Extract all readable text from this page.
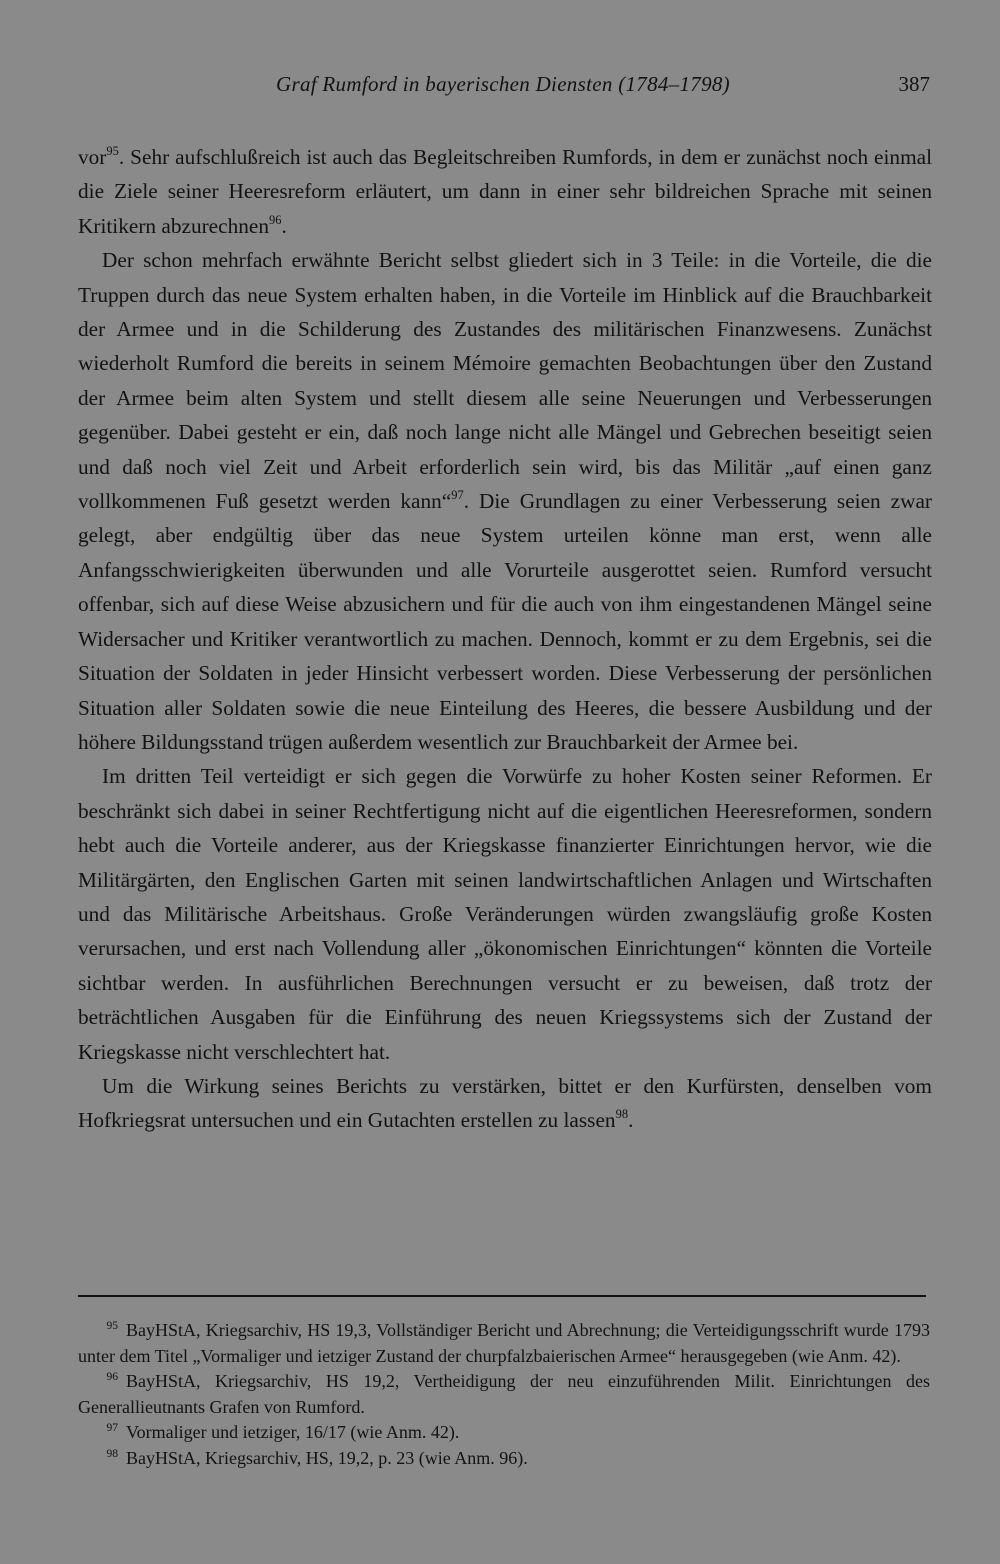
Graf Rumford in bayerischen Diensten (1784–1798)	387

vor$^{95}$. Sehr aufschlußreich ist auch das Begleitschreiben Rumfords, in dem er zunächst noch einmal die Ziele seiner Heeresreform erläutert, um dann in einer sehr bildreichen Sprache mit seinen Kritikern abzurechnen$^{96}$.

Der schon mehrfach erwähnte Bericht selbst gliedert sich in 3 Teile: in die Vorteile, die die Truppen durch das neue System erhalten haben, in die Vorteile im Hinblick auf die Brauchbarkeit der Armee und in die Schilderung des Zustandes des militärischen Finanzwesens. Zunächst wiederholt Rumford die bereits in seinem Mémoire gemachten Beobachtungen über den Zustand der Armee beim alten System und stellt diesem alle seine Neuerungen und Verbesserungen gegenüber. Dabei gesteht er ein, daß noch lange nicht alle Mängel und Gebrechen beseitigt seien und daß noch viel Zeit und Arbeit erforderlich sein wird, bis das Militär „auf einen ganz vollkommenen Fuß gesetzt werden kann“$^{97}$. Die Grundlagen zu einer Verbesserung seien zwar gelegt, aber endgültig über das neue System urteilen könne man erst, wenn alle Anfangsschwierigkeiten überwunden und alle Vorurteile ausgerottet seien. Rumford versucht offenbar, sich auf diese Weise abzusichern und für die auch von ihm eingestandenen Mängel seine Widersacher und Kritiker verantwortlich zu machen. Dennoch, kommt er zu dem Ergebnis, sei die Situation der Soldaten in jeder Hinsicht verbessert worden. Diese Verbesserung der persönlichen Situation aller Soldaten sowie die neue Einteilung des Heeres, die bessere Ausbildung und der höhere Bildungsstand trügen außerdem wesentlich zur Brauchbarkeit der Armee bei.

Im dritten Teil verteidigt er sich gegen die Vorwürfe zu hoher Kosten seiner Reformen. Er beschränkt sich dabei in seiner Rechtfertigung nicht auf die eigentlichen Heeresreformen, sondern hebt auch die Vorteile anderer, aus der Kriegskasse finanzierter Einrichtungen hervor, wie die Militärgärten, den Englischen Garten mit seinen landwirtschaftlichen Anlagen und Wirtschaften und das Militärische Arbeitshaus. Große Veränderungen würden zwangsläufig große Kosten verursachen, und erst nach Vollendung aller „ökonomischen Einrichtungen“ könnten die Vorteile sichtbar werden. In ausführlichen Berechnungen versucht er zu beweisen, daß trotz der beträchtlichen Ausgaben für die Einführung des neuen Kriegssystems sich der Zustand der Kriegskasse nicht verschlechtert hat.

Um die Wirkung seines Berichts zu verstärken, bittet er den Kurfürsten, denselben vom Hofkriegsrat untersuchen und ein Gutachten erstellen zu lassen$^{98}$.

95 BayHStA, Kriegsarchiv, HS 19,3, Vollständiger Bericht und Abrechnung; die Verteidigungsschrift wurde 1793 unter dem Titel „Vormaliger und ietziger Zustand der churpfalzbaierischen Armee“ herausgegeben (wie Anm. 42).

96 BayHStA, Kriegsarchiv, HS 19,2, Vertheidigung der neu einzuführenden Milit. Einrichtungen des Generallieutnants Grafen von Rumford.

97 Vormaliger und ietziger, 16/17 (wie Anm. 42).

98 BayHStA, Kriegsarchiv, HS, 19,2, p. 23 (wie Anm. 96).
